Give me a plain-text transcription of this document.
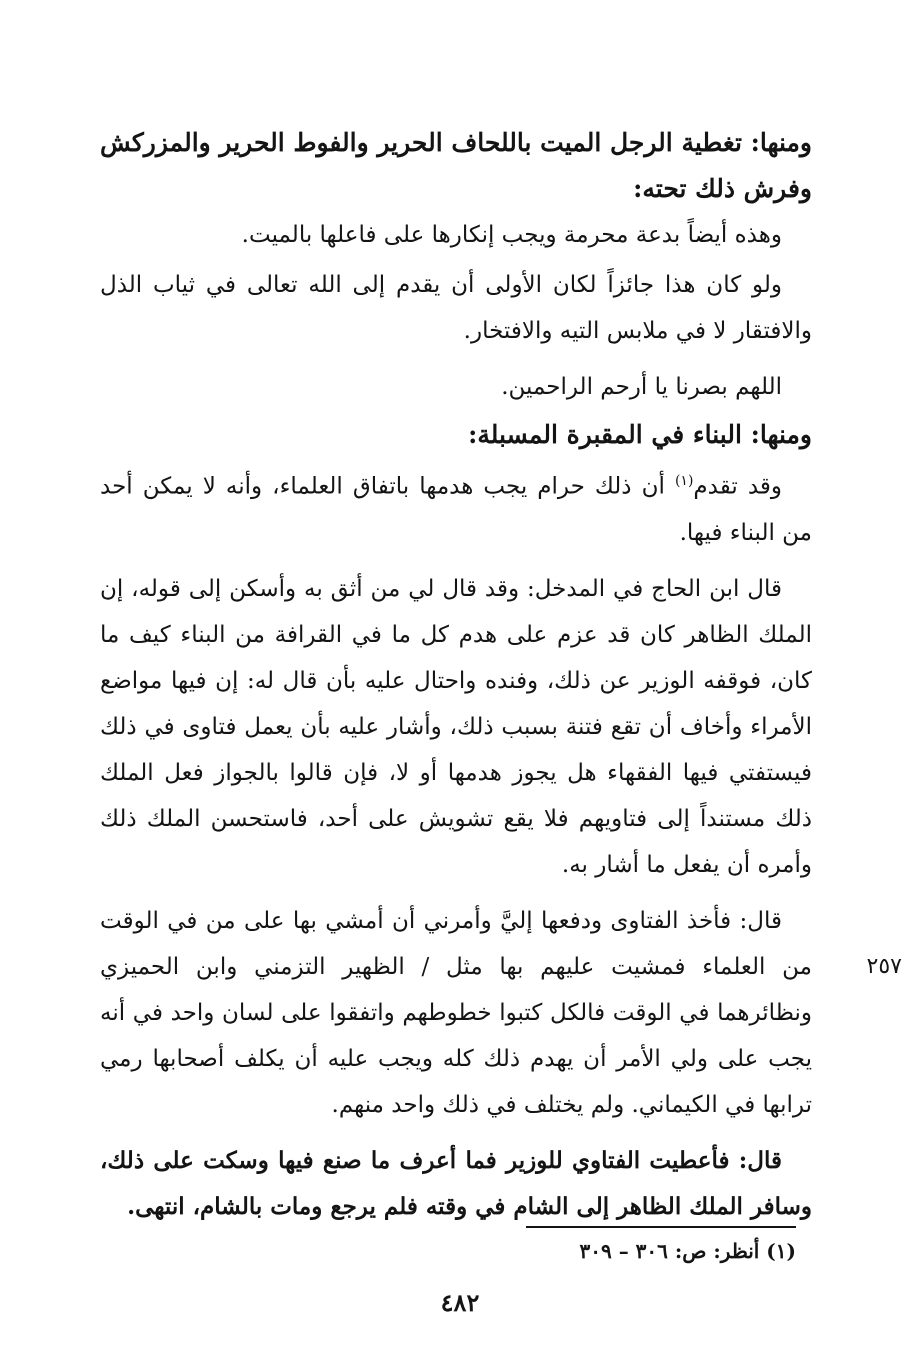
ومنها: تغطية الرجل الميت باللحاف الحرير والفوط الحرير والمزركش وفرش ذلك تحته:

وهذه أيضاً بدعة محرمة ويجب إنكارها على فاعلها بالميت.

ولو كان هذا جائزاً لكان الأولى أن يقدم إلى الله تعالى في ثياب الذل والافتقار لا في ملابس التيه والافتخار.

اللهم بصرنا يا أرحم الراحمين.

ومنها: البناء في المقبرة المسبلة:

وقد تقدم$^{(١)}$ أن ذلك حرام يجب هدمها باتفاق العلماء، وأنه لا يمكن أحد من البناء فيها.

قال ابن الحاج في المدخل: وقد قال لي من أثق به وأسكن إلى قوله، إن الملك الظاهر كان قد عزم على هدم كل ما في القرافة من البناء كيف ما كان، فوقفه الوزير عن ذلك، وفنده واحتال عليه بأن قال له: إن فيها مواضع الأمراء وأخاف أن تقع فتنة بسبب ذلك، وأشار عليه بأن يعمل فتاوى في ذلك فيستفتي فيها الفقهاء هل يجوز هدمها أو لا، فإن قالوا بالجواز فعل الملك ذلك مستنداً إلى فتاويهم فلا يقع تشويش على أحد، فاستحسن الملك ذلك وأمره أن يفعل ما أشار به.

٢٥٧

قال: فأخذ الفتاوى ودفعها إليَّ وأمرني أن أمشي بها على من في الوقت من العلماء فمشيت عليهم بها مثل / الظهير التزمني وابن الحميزي ونظائرهما في الوقت فالكل كتبوا خطوطهم واتفقوا على لسان واحد في أنه يجب على ولي الأمر أن يهدم ذلك كله ويجب عليه أن يكلف أصحابها رمي ترابها في الكيماني. ولم يختلف في ذلك واحد منهم.

قال: فأعطيت الفتاوي للوزير فما أعرف ما صنع فيها وسكت على ذلك، وسافر الملك الظاهر إلى الشام في وقته فلم يرجع ومات بالشام، انتهى.

(١) أنظر: ص: ٣٠٦ – ٣٠٩
٤٨٢
